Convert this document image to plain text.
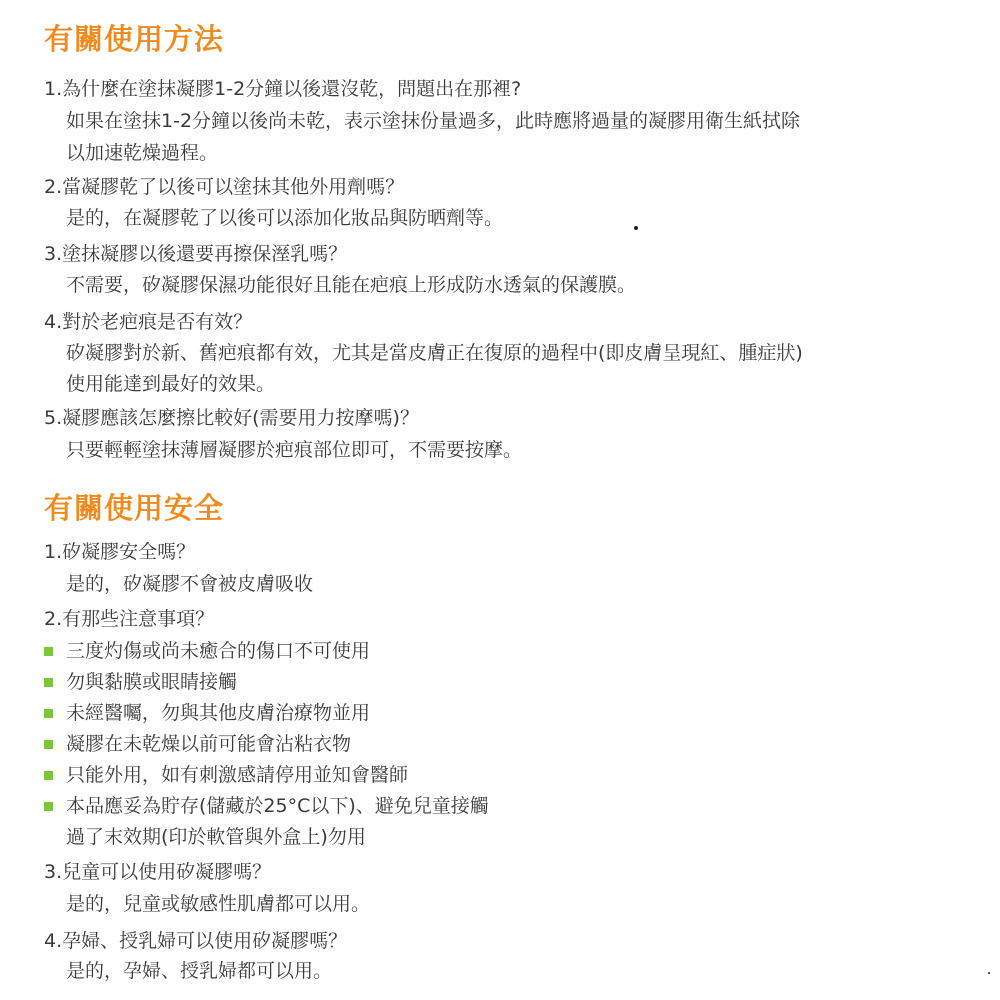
有關使用方法
1.為什麼在塗抹凝膠1-2分鐘以後還沒乾，問題出在那裡?
如果在塗抹1-2分鐘以後尚未乾，表示塗抹份量過多，此時應將過量的凝膠用衛生紙拭除
以加速乾燥過程。
2.當凝膠乾了以後可以塗抹其他外用劑嗎？
是的，在凝膠乾了以後可以添加化妝品與防晒劑等。
3.塗抹凝膠以後還要再擦保溼乳嗎？
不需要，矽凝膠保濕功能很好且能在疤痕上形成防水透氣的保護膜。
4.對於老疤痕是否有效？
矽凝膠對於新、舊疤痕都有效，尤其是當皮膚正在復原的過程中(即皮膚呈現紅、腫症狀)
使用能達到最好的效果。
5.凝膠應該怎麼擦比較好(需要用力按摩嗎)？
只要輕輕塗抹薄層凝膠於疤痕部位即可，不需要按摩。
有關使用安全
1.矽凝膠安全嗎？
是的，矽凝膠不會被皮膚吸收
2.有那些注意事項？
三度灼傷或尚未癒合的傷口不可使用
勿與黏膜或眼睛接觸
未經醫囑，勿與其他皮膚治療物並用
凝膠在未乾燥以前可能會沾粘衣物
只能外用，如有刺激感請停用並知會醫師
本品應妥為貯存(儲藏於25°C以下)、避免兒童接觸
過了末效期(印於軟管與外盒上)勿用
3.兒童可以使用矽凝膠嗎？
是的，兒童或敏感性肌膚都可以用。
4.孕婦、授乳婦可以使用矽凝膠嗎？
是的，孕婦、授乳婦都可以用。
